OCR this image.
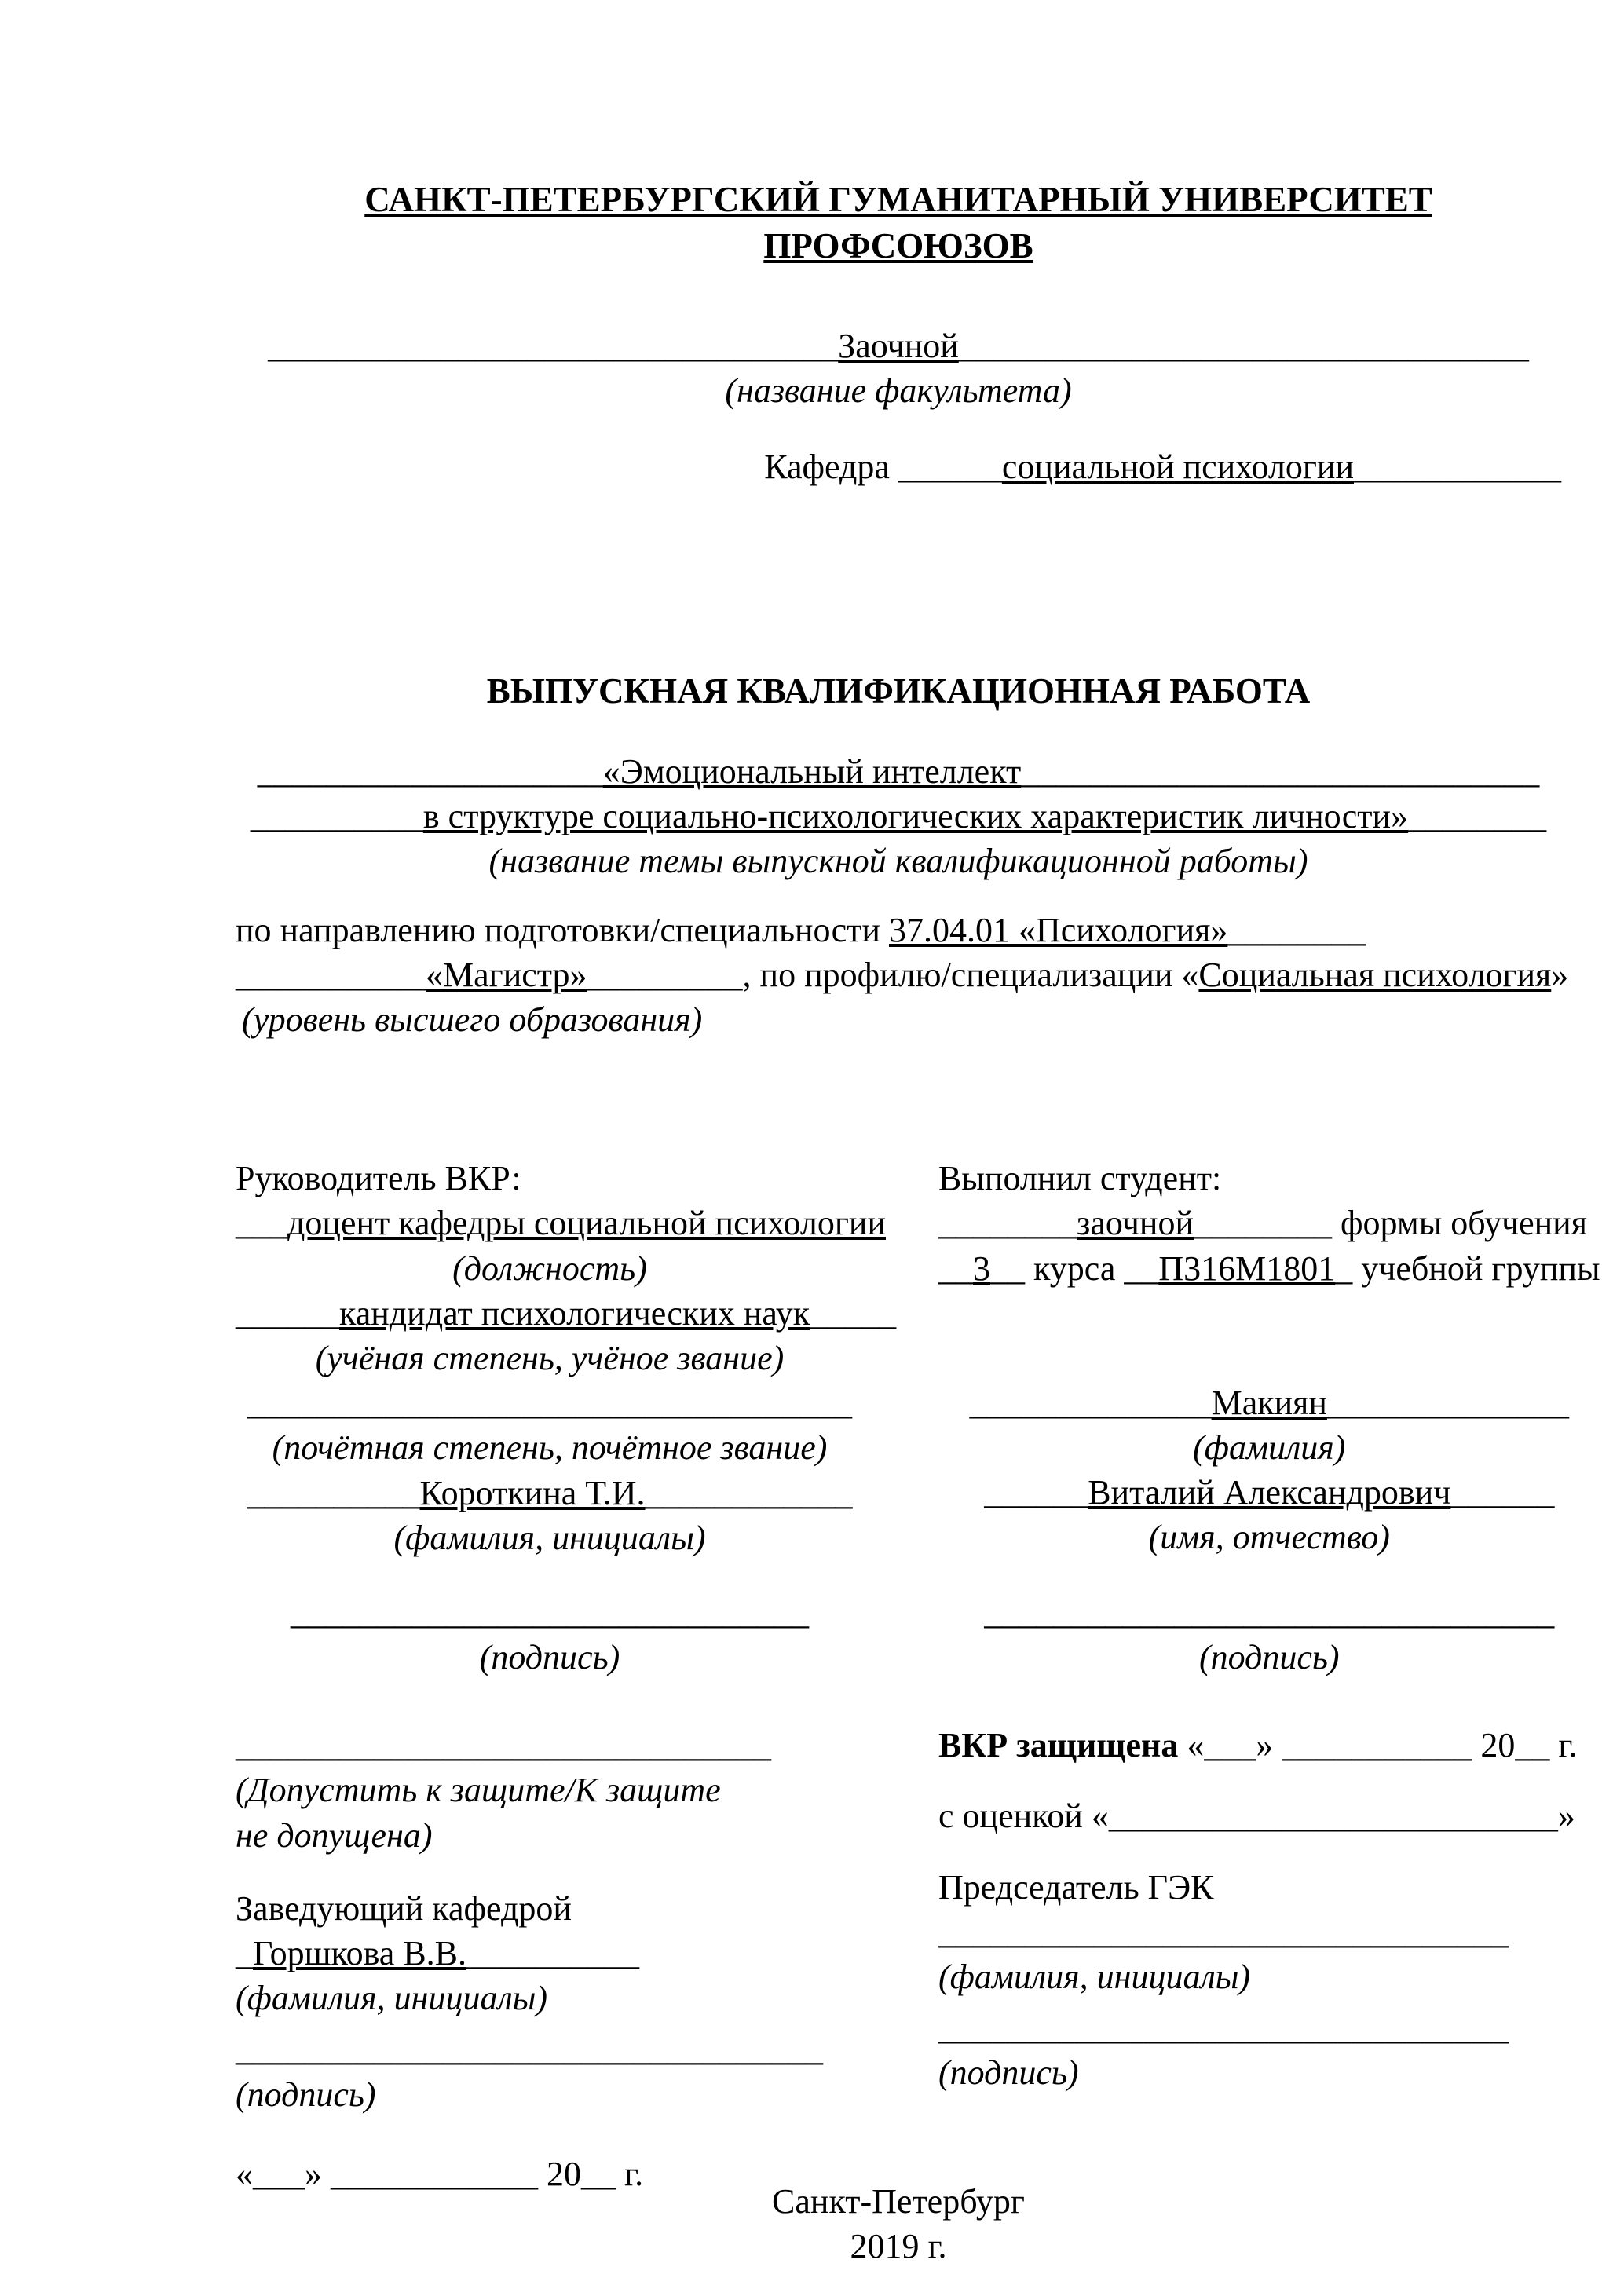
САНКТ-ПЕТЕРБУРГСКИЙ ГУМАНИТАРНЫЙ УНИВЕРСИТЕТ ПРОФСОЮЗОВ
_________________________________Заочной_________________________________
(название факультета)
Кафедра ______социальной психологии____________
ВЫПУСКНАЯ КВАЛИФИКАЦИОННАЯ РАБОТА
____________________«Эмоциональный интеллект______________________________
__________в структуре социально-психологических характеристик личности»________
(название темы выпускной квалификационной работы)
по направлению подготовки/специальности 37.04.01 «Психология»________
___________«Магистр»_________, по профилю/специализации «Социальная психология»
(уровень высшего образования)
Руководитель ВКР:
___доцент кафедры социальной психологии
(должность)
______кандидат психологических наук_____
(учёная степень, учёное звание)
___________________________________
(почётная степень, почётное звание)
__________Короткина Т.И.____________
(фамилия, инициалы)
______________________________
(подпись)
Выполнил студент:
________заочной________ формы обучения
__3__ курса __П316М1801_ учебной группы
______________Макиян______________
(фамилия)
______Виталий Александрович______
(имя, отчество)
_________________________________
(подпись)
_______________________________
(Допустить к защите/К защите не допущена)
Заведующий кафедрой
_Горшкова В.В.__________
(фамилия, инициалы)
__________________________________
(подпись)
«___» ____________ 20__ г.
ВКР защищена «___» ___________ 20__ г.
с оценкой «__________________________»
Председатель ГЭК
_________________________________
(фамилия, инициалы)
_________________________________
(подпись)
Санкт-Петербург
2019 г.
